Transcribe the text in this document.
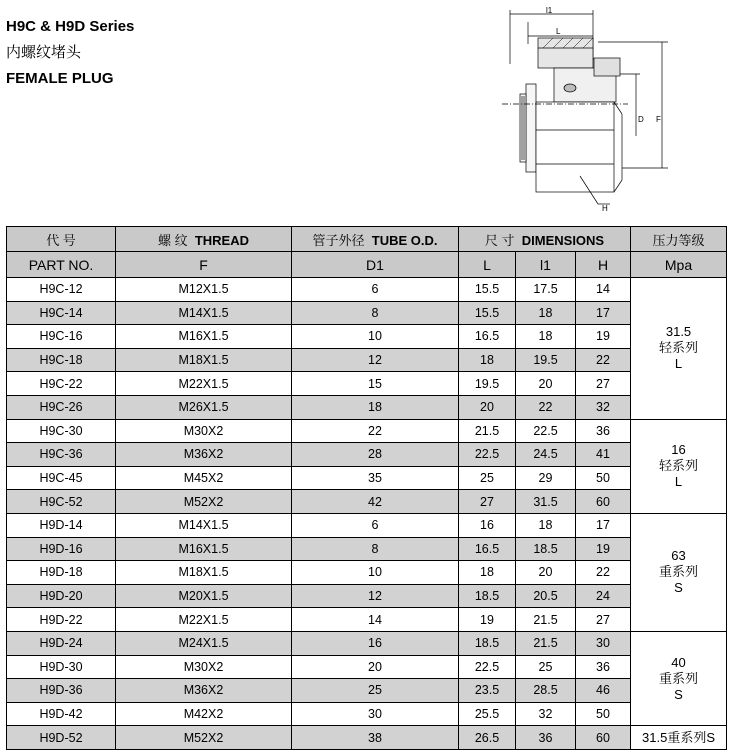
H9C & H9D Series
内螺纹堵头
FEMALE PLUG
l1
L
D F
H
代 号	螺 纹 THREAD	管子外径 TUBE O.D.	尺 寸 DIMENSIONS			压力等级
PART NO.	F	D1	L	l1	H	Mpa
H9C-12	M12X1.5	6	15.5	17.5	14	31.5
轻系列
L
H9C-14	M14X1.5	8	15.5	18	17	
H9C-16	M16X1.5	10	16.5	18	19	
H9C-18	M18X1.5	12	18	19.5	22	
H9C-22	M22X1.5	15	19.5	20	27	
H9C-26	M26X1.5	18	20	22	32	
H9C-30	M30X2	22	21.5	22.5	36	16
轻系列
L
H9C-36	M36X2	28	22.5	24.5	41	
H9C-45	M45X2	35	25	29	50	
H9C-52	M52X2	42	27	31.5	60	
H9D-14	M14X1.5	6	16	18	17	63
重系列
S
H9D-16	M16X1.5	8	16.5	18.5	19	
H9D-18	M18X1.5	10	18	20	22	
H9D-20	M20X1.5	12	18.5	20.5	24	
H9D-22	M22X1.5	14	19	21.5	27	
H9D-24	M24X1.5	16	18.5	21.5	30	40
重系列
S
H9D-30	M30X2	20	22.5	25	36	
H9D-36	M36X2	25	23.5	28.5	46	
H9D-42	M42X2	30	25.5	32	50	
H9D-52	M52X2	38	26.5	36	60	31.5重系列S
